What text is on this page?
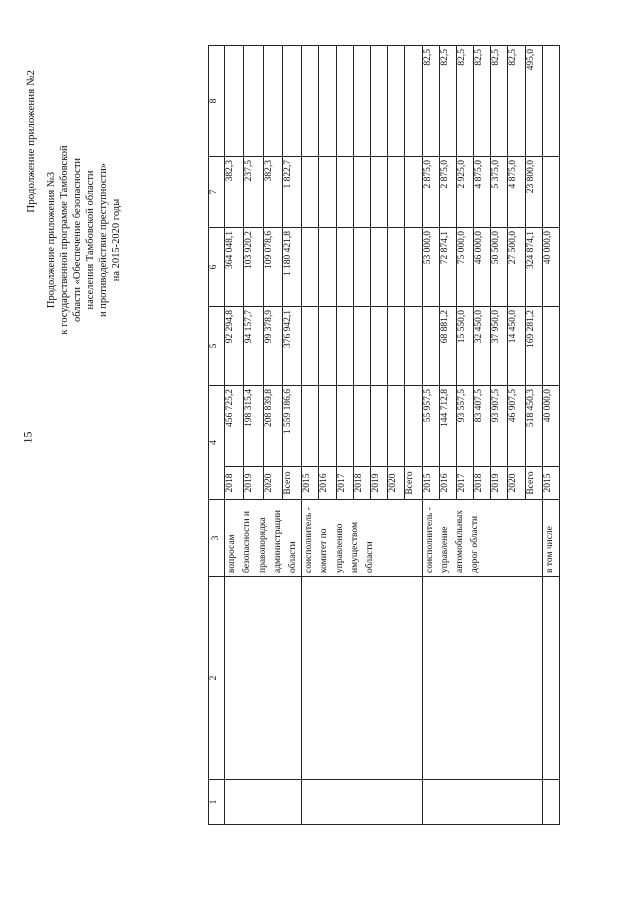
15
Продолжение приложения №2
Продолжение приложения №3 к государственной программе Тамбовской области «Обеспечение безопасности населения Тамбовской области и противодействие преступности» на 2015-2020 годы
1	2	3	4		5	6	7	8
		вопросам безопасности и правопорядка администрации области	2018	456 725,2	92 294,8	364 048,1	382,3	
			2019	198 315,4	94 157,7	103 920,2	237,5	
			2020	208 839,8	99 378,9	109 078,6	382,3	
			Всего	1 559 186,6	376 942,1	1 180 421,8	1 822,7	
		соисполнитель - комитет по управлению имуществом области	2015					
			2016					
			2017					
			2018					
			2019					
			2020					
			Всего					
		соисполнитель - управление автомобильных дорог области	2015	55 957,5		53 000,0	2 875,0	82,5
			2016	144 712,8	68 881,2	72 874,1	2 875,0	82,5
			2017	93 557,5	15 550,0	75 000,0	2 925,0	82,5
			2018	83 407,5	32 450,0	46 000,0	4 875,0	82,5
			2019	93 907,5	37 950,0	50 500,0	5 375,0	82,5
			2020	46 907,5	14 450,0	27 500,0	4 875,0	82,5
			Всего	518 450,3	169 281,2	324 874,1	23 800,0	495,0
		в том числе	2015	40 000,0		40 000,0		
